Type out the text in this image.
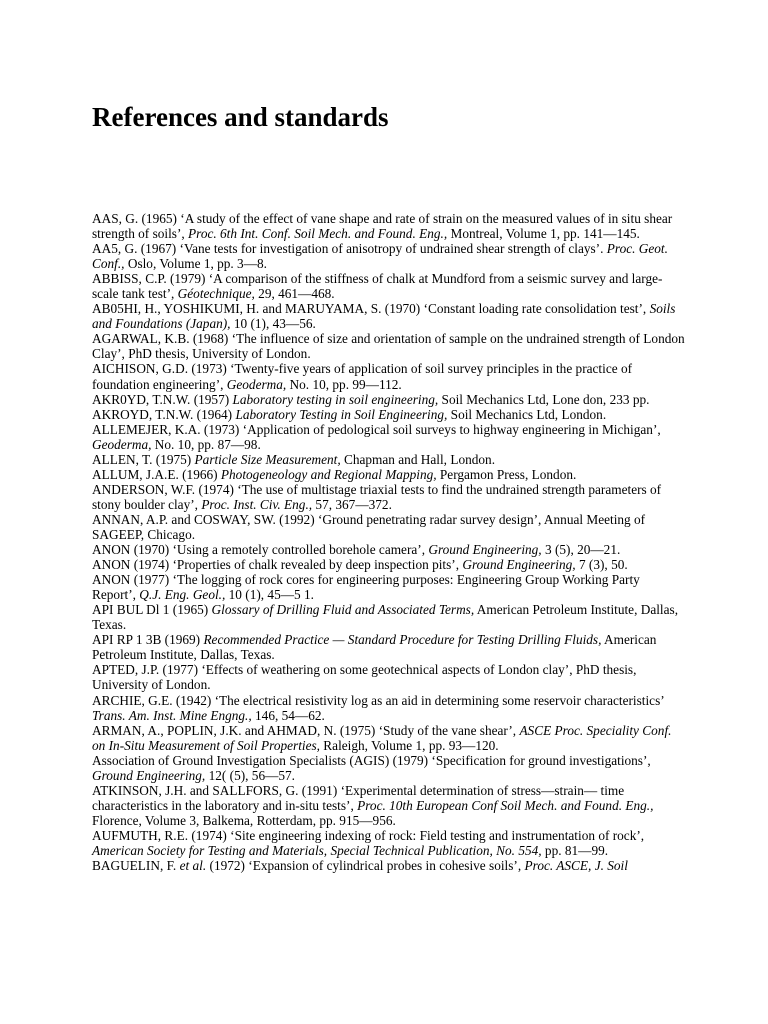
References and standards

AAS, G. (1965) ‘A study of the effect of vane shape and rate of strain on the measured values of in situ shear strength of soils’, Proc. 6th Int. Conf. Soil Mech. and Found. Eng., Montreal, Volume 1, pp. 141—145.

AA5, G. (1967) ‘Vane tests for investigation of anisotropy of undrained shear strength of clays’. Proc. Geot. Conf., Oslo, Volume 1, pp. 3—8.

ABBISS, C.P. (1979) ‘A comparison of the stiffness of chalk at Mundford from a seismic survey and large-scale tank test’, Géotechnique, 29, 461—468.

AB05HI, H., YOSHIKUMI, H. and MARUYAMA, S. (1970) ‘Constant loading rate consolidation test’, Soils and Foundations (Japan), 10 (1), 43—56.

AGARWAL, K.B. (1968) ‘The influence of size and orientation of sample on the undrained strength of London Clay’, PhD thesis, University of London.

AICHISON, G.D. (1973) ‘Twenty-five years of application of soil survey principles in the practice of foundation engineering’, Geoderma, No. 10, pp. 99—112.

AKR0YD, T.N.W. (1957) Laboratory testing in soil engineering, Soil Mechanics Ltd, Lone don, 233 pp.

AKROYD, T.N.W. (1964) Laboratory Testing in Soil Engineering, Soil Mechanics Ltd, London.

ALLEMEJER, K.A. (1973) ‘Application of pedological soil surveys to highway engineering in Michigan’, Geoderma, No. 10, pp. 87—98.

ALLEN, T. (1975) Particle Size Measurement, Chapman and Hall, London.

ALLUM, J.A.E. (1966) Photogeneology and Regional Mapping, Pergamon Press, London.

ANDERSON, W.F. (1974) ‘The use of multistage triaxial tests to find the undrained strength parameters of stony boulder clay’, Proc. Inst. Civ. Eng., 57, 367—372.

ANNAN, A.P. and COSWAY, SW. (1992) ‘Ground penetrating radar survey design’, Annual Meeting of SAGEEP, Chicago.

ANON (1970) ‘Using a remotely controlled borehole camera’, Ground Engineering, 3 (5), 20—21.

ANON (1974) ‘Properties of chalk revealed by deep inspection pits’, Ground Engineering, 7 (3), 50.

ANON (1977) ‘The logging of rock cores for engineering purposes: Engineering Group Working Party Report’, Q.J. Eng. Geol., 10 (1), 45—5 1.

API BUL Dl 1 (1965) Glossary of Drilling Fluid and Associated Terms, American Petroleum Institute, Dallas, Texas.

API RP 1 3B (1969) Recommended Practice — Standard Procedure for Testing Drilling Fluids, American Petroleum Institute, Dallas, Texas.

APTED, J.P. (1977) ‘Effects of weathering on some geotechnical aspects of London clay’, PhD thesis, University of London.

ARCHIE, G.E. (1942) ‘The electrical resistivity log as an aid in determining some reservoir characteristics’ Trans. Am. Inst. Mine Engng., 146, 54—62.

ARMAN, A., POPLIN, J.K. and AHMAD, N. (1975) ‘Study of the vane shear’, ASCE Proc. Speciality Conf. on In-Situ Measurement of Soil Properties, Raleigh, Volume 1, pp. 93—120.

Association of Ground Investigation Specialists (AGIS) (1979) ‘Specification for ground investigations’, Ground Engineering, 12( (5), 56—57.

ATKINSON, J.H. and SALLFORS, G. (1991) ‘Experimental determination of stress—strain— time characteristics in the laboratory and in-situ tests’, Proc. 10th European Conf Soil Mech. and Found. Eng., Florence, Volume 3, Balkema, Rotterdam, pp. 915—956.

AUFMUTH, R.E. (1974) ‘Site engineering indexing of rock: Field testing and instrumentation of rock’, American Society for Testing and Materials, Special Technical Publication, No. 554, pp. 81—99.

BAGUELIN, F. et al. (1972) ‘Expansion of cylindrical probes in cohesive soils’, Proc. ASCE, J. Soil
